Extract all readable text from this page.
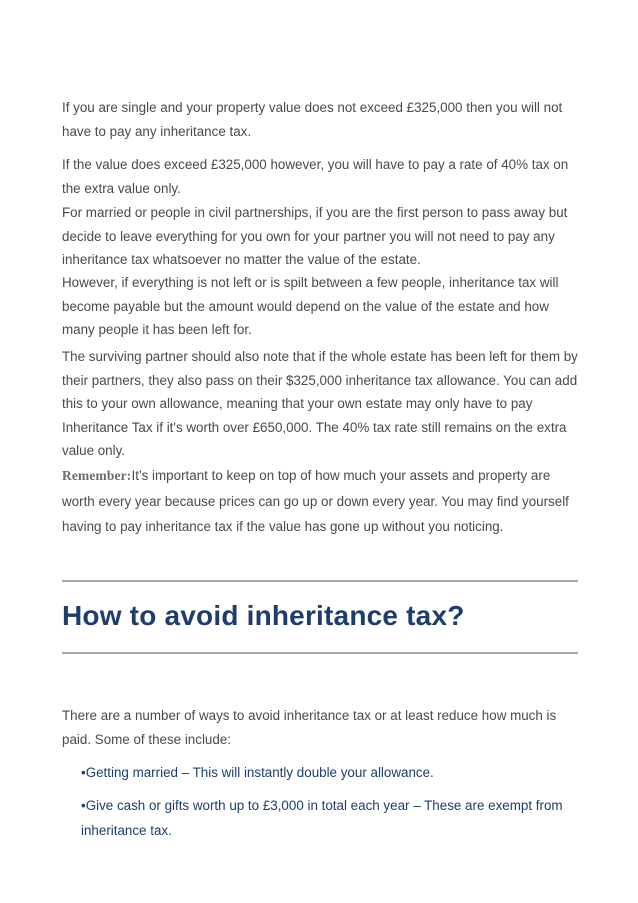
If you are single and your property value does not exceed £325,000 then you will not have to pay any inheritance tax.

If the value does exceed £325,000 however, you will have to pay a rate of 40% tax on the extra value only.

For married or people in civil partnerships, if you are the first person to pass away but decide to leave everything for you own for your partner you will not need to pay any inheritance tax whatsoever no matter the value of the estate.

However, if everything is not left or is spilt between a few people, inheritance tax will become payable but the amount would depend on the value of the estate and how many people it has been left for.

The surviving partner should also note that if the whole estate has been left for them by their partners, they also pass on their $325,000 inheritance tax allowance. You can add this to your own allowance, meaning that your own estate may only have to pay Inheritance Tax if it's worth over £650,000. The 40% tax rate still remains on the extra value only.

Remember:It’s important to keep on top of how much your assets and property are worth every year because prices can go up or down every year. You may find yourself having to pay inheritance tax if the value has gone up without you noticing.

How to avoid inheritance tax?

There are a number of ways to avoid inheritance tax or at least reduce how much is paid. Some of these include:

•Getting married – This will instantly double your allowance.

•Give cash or gifts worth up to £3,000 in total each year – These are exempt from inheritance tax.
